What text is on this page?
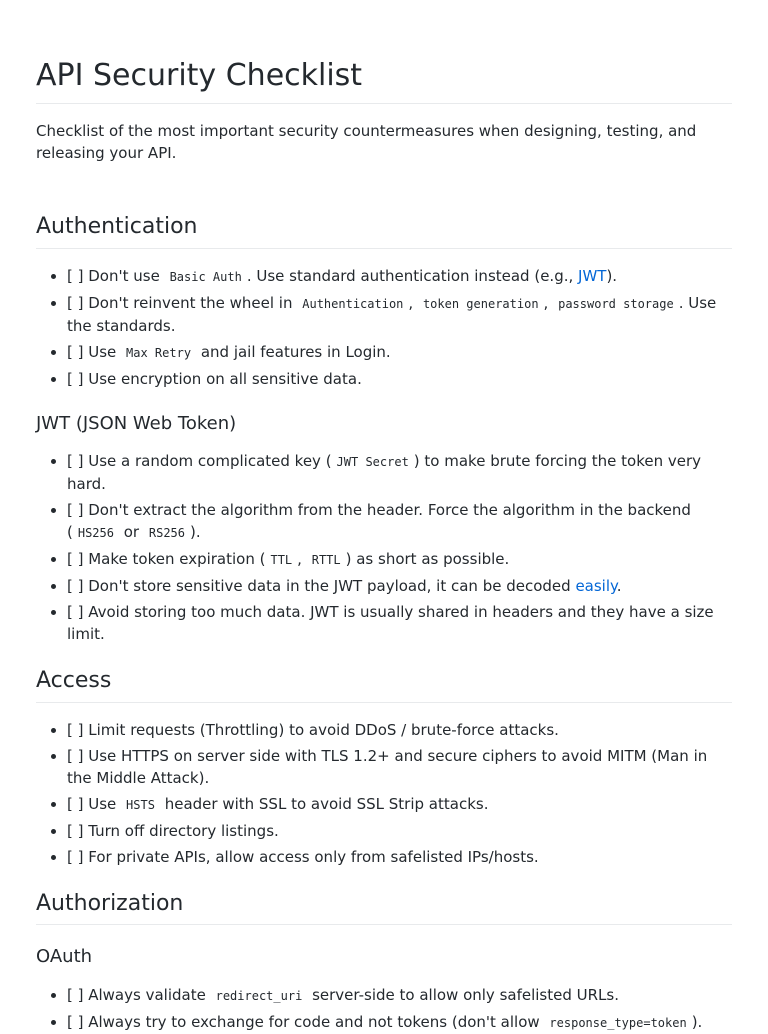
API Security Checklist

Checklist of the most important security countermeasures when designing, testing, and releasing your API.

Authentication
• [ ] Don't use Basic Auth . Use standard authentication instead (e.g., JWT).
• [ ] Don't reinvent the wheel in Authentication , token generation , password storage . Use the standards.
• [ ] Use Max Retry and jail features in Login.
• [ ] Use encryption on all sensitive data.
JWT (JSON Web Token)
• [ ] Use a random complicated key ( JWT Secret ) to make brute forcing the token very hard.
• [ ] Don't extract the algorithm from the header. Force the algorithm in the backend ( HS256 or RS256 ).
• [ ] Make token expiration ( TTL , RTTL ) as short as possible.
• [ ] Don't store sensitive data in the JWT payload, it can be decoded easily.
• [ ] Avoid storing too much data. JWT is usually shared in headers and they have a size limit.
Access
• [ ] Limit requests (Throttling) to avoid DDoS / brute-force attacks.
• [ ] Use HTTPS on server side with TLS 1.2+ and secure ciphers to avoid MITM (Man in the Middle Attack).
• [ ] Use HSTS header with SSL to avoid SSL Strip attacks.
• [ ] Turn off directory listings.
• [ ] For private APIs, allow access only from safelisted IPs/hosts.
Authorization
OAuth
• [ ] Always validate redirect_uri server-side to allow only safelisted URLs.
• [ ] Always try to exchange for code and not tokens (don't allow response_type=token ).
